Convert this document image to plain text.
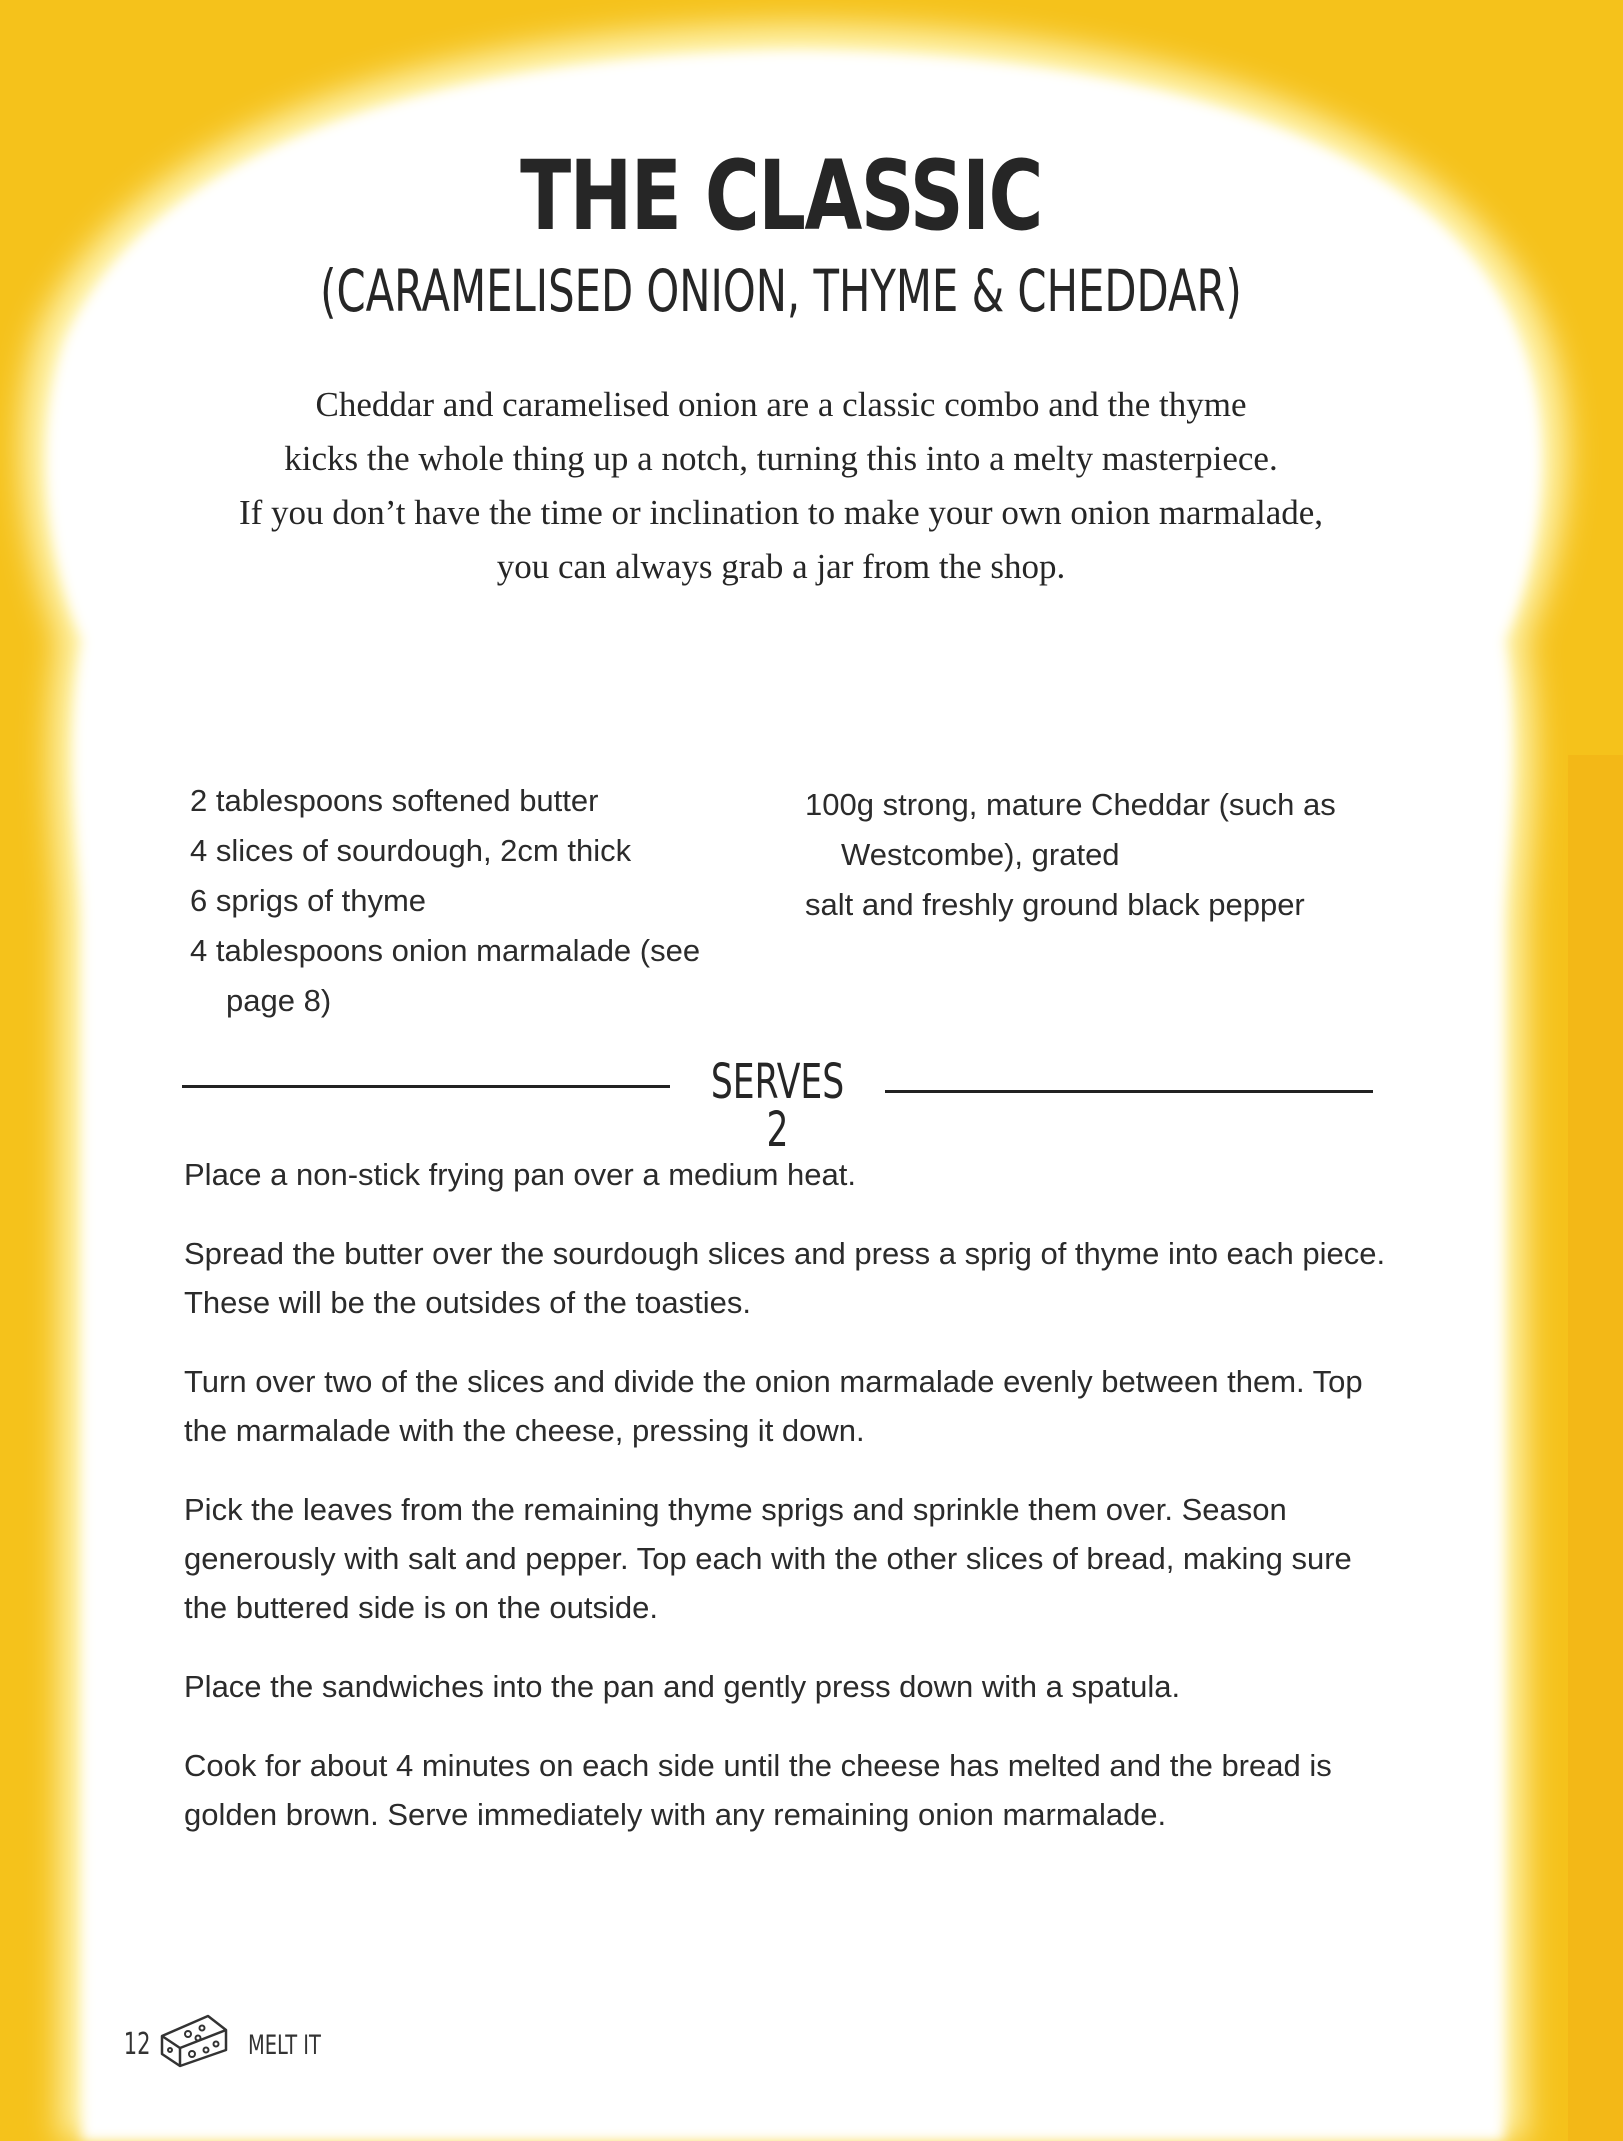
THE CLASSIC
(CARAMELISED ONION, THYME & CHEDDAR)
Cheddar and caramelised onion are a classic combo and the thyme
kicks the whole thing up a notch, turning this into a melty masterpiece.
If you don’t have the time or inclination to make your own onion marmalade,
you can always grab a jar from the shop.
2 tablespoons softened butter
4 slices of sourdough, 2cm thick
6 sprigs of thyme
4 tablespoons onion marmalade (see page 8)
100g strong, mature Cheddar (such as Westcombe), grated
salt and freshly ground black pepper
SERVES 2

Place a non-stick frying pan over a medium heat.

Spread the butter over the sourdough slices and press a sprig of thyme into each piece. These will be the outsides of the toasties.

Turn over two of the slices and divide the onion marmalade evenly between them. Top the marmalade with the cheese, pressing it down.

Pick the leaves from the remaining thyme sprigs and sprinkle them over. Season generously with salt and pepper. Top each with the other slices of bread, making sure the buttered side is on the outside.

Place the sandwiches into the pan and gently press down with a spatula.

Cook for about 4 minutes on each side until the cheese has melted and the bread is golden brown. Serve immediately with any remaining onion marmalade.

12	MELT IT
